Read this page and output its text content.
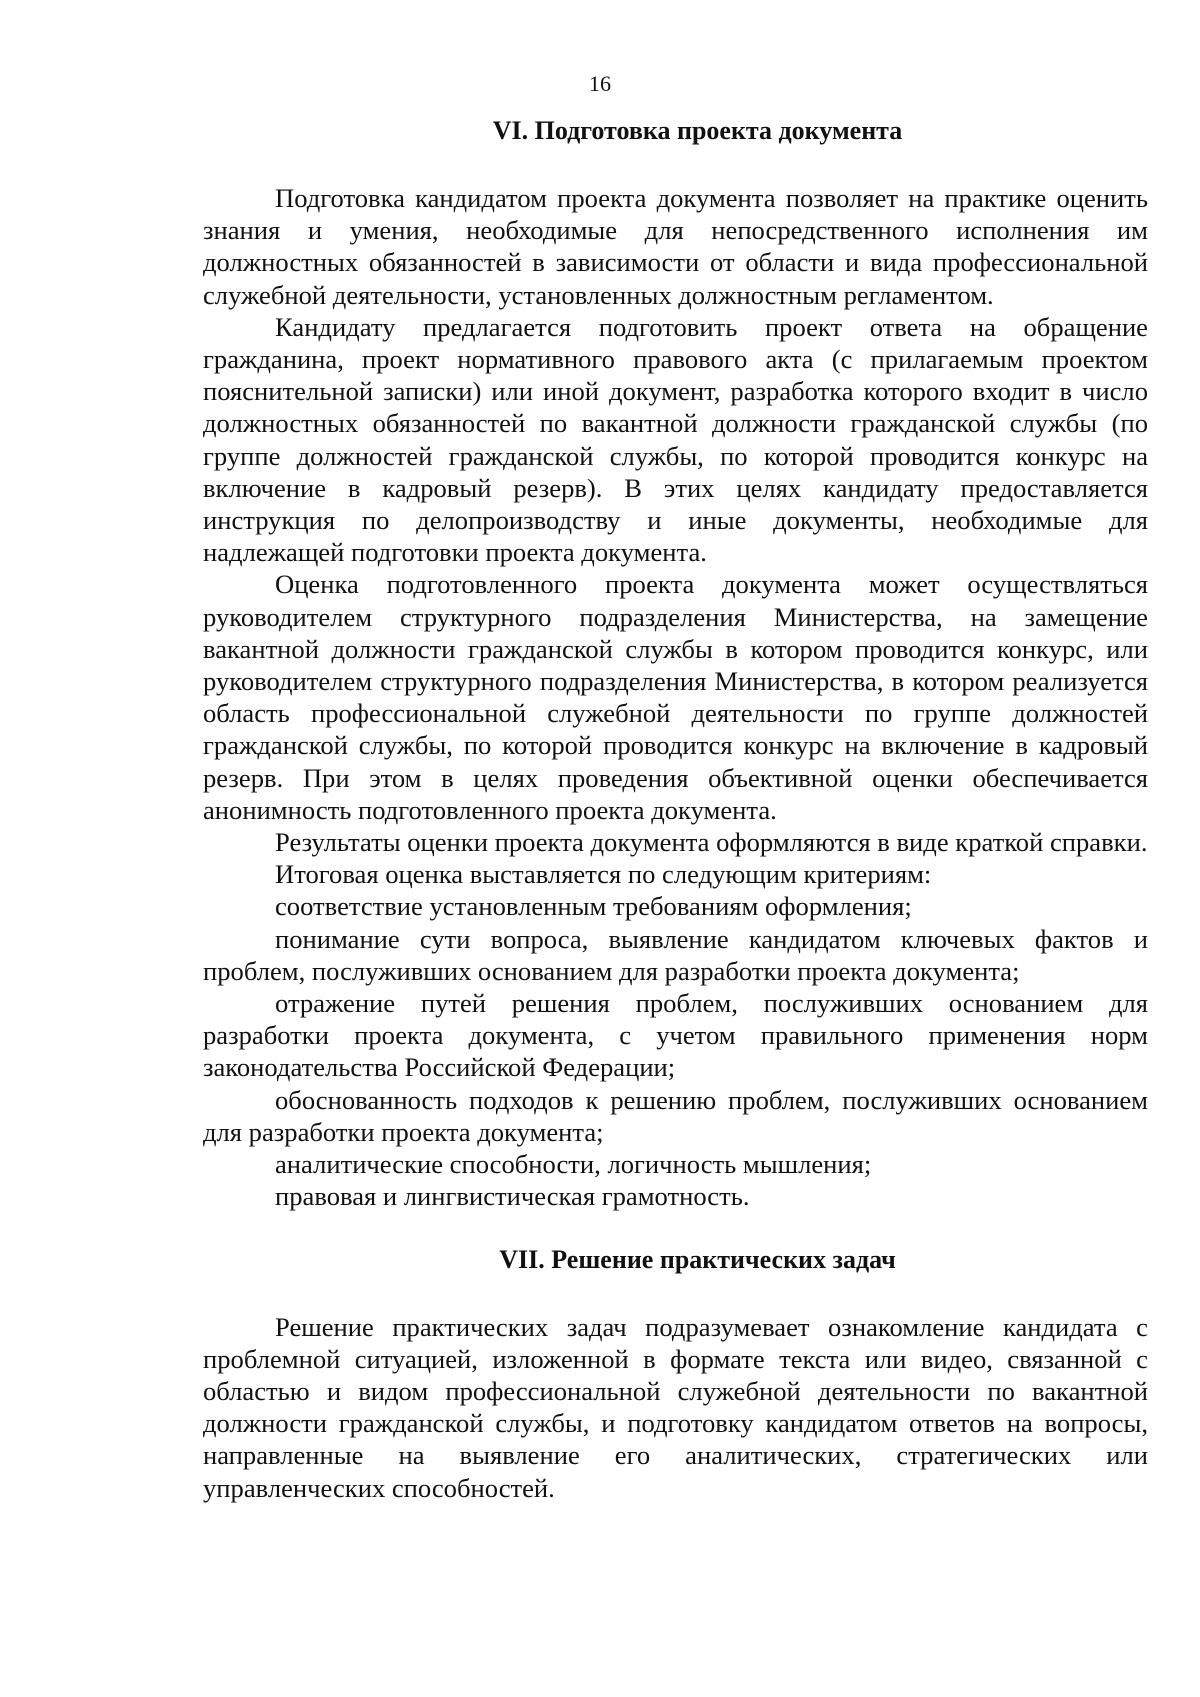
16
VI. Подготовка проекта документа

Подготовка кандидатом проекта документа позволяет на практике оценить знания и умения, необходимые для непосредственного исполнения им должностных обязанностей в зависимости от области и вида профессиональной служебной деятельности, установленных должностным регламентом.

Кандидату предлагается подготовить проект ответа на обращение гражданина, проект нормативного правового акта (с прилагаемым проектом пояснительной записки) или иной документ, разработка которого входит в число должностных обязанностей по вакантной должности гражданской службы (по группе должностей гражданской службы, по которой проводится конкурс на включение в кадровый резерв). В этих целях кандидату предоставляется инструкция по делопроизводству и иные документы, необходимые для надлежащей подготовки проекта документа.

Оценка подготовленного проекта документа может осуществляться руководителем структурного подразделения Министерства, на замещение вакантной должности гражданской службы в котором проводится конкурс, или руководителем структурного подразделения Министерства, в котором реализуется область профессиональной служебной деятельности по группе должностей гражданской службы, по которой проводится конкурс на включение в кадровый резерв. При этом в целях проведения объективной оценки обеспечивается анонимность подготовленного проекта документа.

Результаты оценки проекта документа оформляются в виде краткой справки.

Итоговая оценка выставляется по следующим критериям:

соответствие установленным требованиям оформления;

понимание сути вопроса, выявление кандидатом ключевых фактов и проблем, послуживших основанием для разработки проекта документа;

отражение путей решения проблем, послуживших основанием для разработки проекта документа, с учетом правильного применения норм законодательства Российской Федерации;

обоснованность подходов к решению проблем, послуживших основанием для разработки проекта документа;

аналитические способности, логичность мышления;

правовая и лингвистическая грамотность.

VII. Решение практических задач

Решение практических задач подразумевает ознакомление кандидата с проблемной ситуацией, изложенной в формате текста или видео, связанной с областью и видом профессиональной служебной деятельности по вакантной должности гражданской службы, и подготовку кандидатом ответов на вопросы, направленные на выявление его аналитических, стратегических или управленческих способностей.
